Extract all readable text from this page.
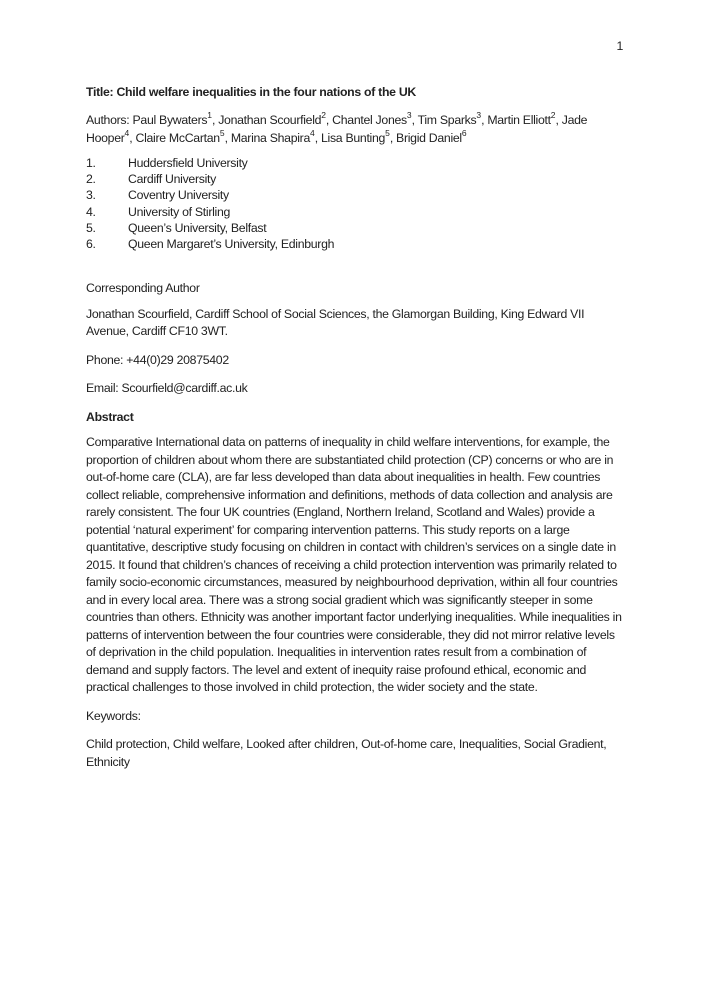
1
Title: Child welfare inequalities in the four nations of the UK

Authors: Paul Bywaters$^1$, Jonathan Scourfield$^2$, Chantel Jones$^3$, Tim Sparks$^3$, Martin Elliott$^2$, Jade Hooper$^4$, Claire McCartan$^5$, Marina Shapira$^4$, Lisa Bunting$^5$, Brigid Daniel$^6$

1.	Huddersfield University
2.	Cardiff University
3.	Coventry University
4.	University of Stirling
5.	Queen’s University, Belfast
6.	Queen Margaret’s University, Edinburgh

Corresponding Author

Jonathan Scourfield, Cardiff School of Social Sciences, the Glamorgan Building, King Edward VII Avenue, Cardiff CF10 3WT.

Phone: +44(0)29 20875402

Email: Scourfield@cardiff.ac.uk

Abstract

Comparative International data on patterns of inequality in child welfare interventions, for example, the proportion of children about whom there are substantiated child protection (CP) concerns or who are in out-of-home care (CLA), are far less developed than data about inequalities in health. Few countries collect reliable, comprehensive information and definitions, methods of data collection and analysis are rarely consistent. The four UK countries (England, Northern Ireland, Scotland and Wales) provide a potential ‘natural experiment’ for comparing intervention patterns. This study reports on a large quantitative, descriptive study focusing on children in contact with children’s services on a single date in 2015. It found that children’s chances of receiving a child protection intervention was primarily related to family socio-economic circumstances, measured by neighbourhood deprivation, within all four countries and in every local area. There was a strong social gradient which was significantly steeper in some countries than others. Ethnicity was another important factor underlying inequalities. While inequalities in patterns of intervention between the four countries were considerable, they did not mirror relative levels of deprivation in the child population. Inequalities in intervention rates result from a combination of demand and supply factors. The level and extent of inequity raise profound ethical, economic and practical challenges to those involved in child protection, the wider society and the state.

Keywords:

Child protection, Child welfare, Looked after children, Out-of-home care, Inequalities, Social Gradient, Ethnicity
